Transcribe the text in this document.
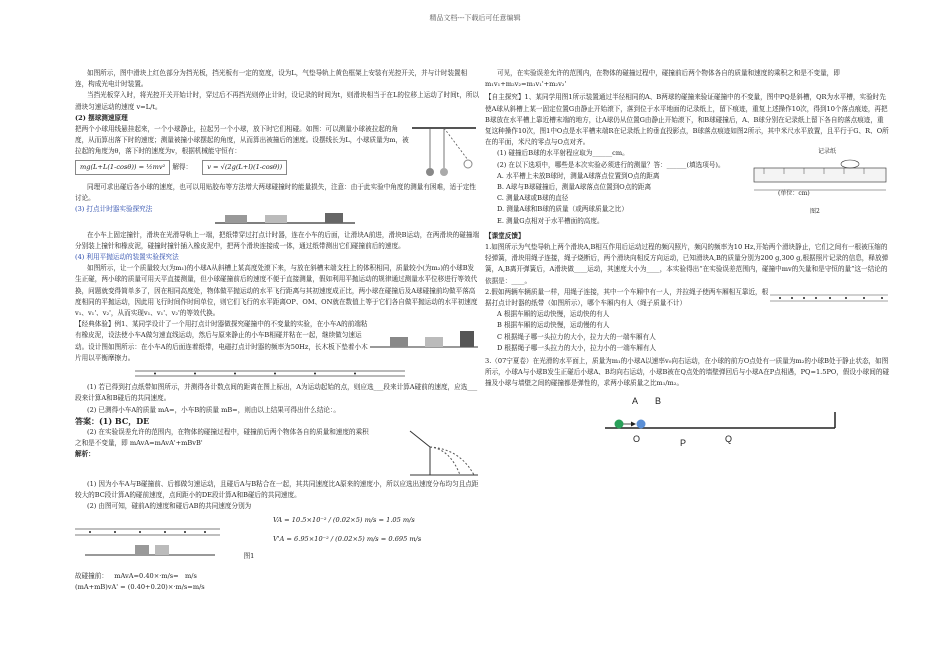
精品文档---下载后可任意编辑

如图所示，图中滑块上红色部分为挡光板，挡光板有一定的宽度，设为L，气垫导轨上黄色框架上安装有光控开关，并与计时装置相连，构成光电计时装置。

当挡光板穿入时，将光控开关开始计时，穿过后不再挡光则停止计时，设记录的时间为t，则滑块相当于在L的位移上运动了时间t，所以滑块匀速运动的速度 v=L/t。

(2) 摆球测速原理

把两个小球用线悬挂起来，一个小球静止，拉起另一个小球，放下时它们相碰。如图：可以测量小球被拉起的角度，从而算出落下时的速度；测量被撞小球摆起的角度，从而算出被撞后的速度。设摆线长为L，小球质量为m，被拉起的角度为θ，落下时的速度为v，根据机械能守恒有：

mg(L+L(1-cosθ)) = ½mv² 解得： v = √(2g(L+l)(1-cosθ))

同理可求出碰后各小球的速度，也可以用贴胶布等方法增大两球碰撞时的能量损失，注意：由于此实验中角度的测量有困难，适于定性讨论。

(3) 打点计时器实验探究法

在小车上固定撞针，滑块在光滑导轨上一端，把纸带穿过打点计时器，连在小车的后面，让滑块A前进，滑块B运动，在两滑块的碰撞端分别装上撞针和橡皮泥，碰撞时撞针插入橡皮泥中，把两个滑块连接成一体，通过纸带测出它们碰撞前后的速度。

(4) 利用平抛运动的装置实验探究法

如图所示，让一个质量较大(为m₁)的小球A从斜槽上某高度处滚下来，与放在斜槽末端支柱上的体积相同，质量较小(为m₂)的小球B发生正碰，两小球的质量可用天平直接测量，但小球碰撞前后的速度不便于直接测量，假如利用平抛运动的规律通过测量水平位移进行等效代换，问题就变得简单多了，因在相同高度处，物体做平抛运动的水平飞行距离与其初速度成正比，两小球在碰撞后及A球碰撞前均做平落高度相同的平抛运动，因此用飞行时间作时间单位，则它们飞行的水平距离OP、OM、ON就在数值上等于它们各自做平抛运动的水平初速度v₁、v₁'、v₂'，从而实现v₁、v₁'、v₂'的等效代换。

【经典体验】例1、某同学设计了一个用打点计时器做探究碰撞中的不变量的实验，在小车A的前端粘有橡皮泥，设法使小车A做匀速直线运动，然后与原来静止的小车B相碰并粘在一起，继续做匀速运动。设计图如图所示：在小车A的后面连着纸带，电磁打点计时器的频率为50Hz，长木板下垫着小木片用以平衡摩擦力。

(1) 若已得到打点纸带如图所示，并测得各计数点间的距离在图上标出，A为运动起始的点，则应选___段来计算A碰前的速度，应选___段来计算A和B碰后的共同速度。

(2) 已测得小车A的质量 mA=，小车B的质量 mB=，则由以上结果可得出什么结论：。

答案：(1) BC，DE

(2) 在实验误差允许的范围内，在物体的碰撞过程中，碰撞前后两个物体各自的质量和速度的乘积之和是不变量，即 mAvA=mAvA'+mBvB'

解析：

(1) 因为小车A与B碰撞前、后都做匀速运动，且碰后A与B粘合在一起，其共同速度比A原来的速度小，所以应选出速度分布均匀且点距较大的BC段计算A的碰前速度，点间距小的DE段计算A和B碰后的共同速度。

(2) 由图可知，碰前A的速度和碰后AB的共同速度分别为

图1

VA = 10.5×10⁻² / (0.02×5) m/s = 1.05 m/s

V'A = 6.95×10⁻² / (0.02×5) m/s = 0.695 m/s

故碰撞前： mAvA=0.40×·m/s= m/s

(mA+mB)vA' = (0.40+0.20)×·m/s=m/s

可见，在实验误差允许的范围内，在物体的碰撞过程中，碰撞前后两个物体各自的质量和速度的乘积之和是不变量，即 m₁v₁+m₂v₂=m₁v₁'+m₂v₂'

【自主探究】1、某同学用图1所示装置通过半径相同的A、B两球的碰撞来验证碰撞中的不变量，图中PQ是斜槽，QR为水平槽，实验时先使A球从斜槽上某一固定位置G由静止开始滚下，落到位于水平地面的记录纸上，留下痕迹，重复上述操作10次，得到10个落点痕迹，再把B球放在水平槽上靠近槽末端的地方，让A球仍从位置G由静止开始滚下，和B球碰撞后，A、B球分别在记录纸上留下各自的落点痕迹，重复这种操作10次，图1中O点是水平槽末端R在记录纸上的垂直投影点，B球落点痕迹如图2所示，其中米尺水平放置，且平行于G、R、O所在的平面，米尺的零点与O点对齐。

(1) 碰撞后B球的水平射程应取为______cm。

(2) 在以下选项中，哪些是本次实验必须进行的测量？答：______(填选项号)。

A. 水平槽上未放B球时，测量A球落点位置到O点的距离

B. A球与B球碰撞后，测量A球落点位置到O点的距离

C. 测量A球或B球的直径

D. 测量A球和B球的质量（或两球质量之比）

E. 测量G点相对于水平槽面的高度。

记录纸
(单位：cm)
图2

【课堂反馈】

1.如图所示为气垫导轨上两个滑块A,B相互作用后运动过程的频闪照片，频闪的频率为10 Hz,开始两个滑块静止，它们之间有一根被压缩的轻弹簧，滑块用绳子连接，绳子烧断后，两个滑块向相反方向运动，已知滑块A,B的质量分别为200 g,300 g,根据照片记录的信息，释放弹簧，A,B离开弹簧后，A滑块做____运动，其速度大小为____，本实验得出“在实验误差范围内，碰撞中mv的矢量和是守恒的量”这一结论的依据是：____。

2.假如两辆车辆质量一样，用绳子连接，其中一个车厢中有一人，并拉绳子使两车厢相互靠近，根据打点计时器的纸带（如图所示），哪个车厢内有人（绳子质量不计）

A 根据车厢的运动快慢，运动快的有人

B 根据车厢的运动快慢，运动慢的有人

C 根据绳子哪一头拉力的大小，拉力大的一端车厢有人

D 根据绳子哪一头拉力的大小，拉力小的一端车厢有人

3.（07宁夏卷）在光滑的水平面上，质量为m₁的小球A以速率v₀向右运动，在小球的前方O点处有一质量为m₂的小球B处于静止状态，如图所示，小球A与小球B发生正碰后小球A、B均向右运动，小球B被在Q点处的墙壁弹回后与小球A在P点相遇，PQ=1.5PO，假设小球间的碰撞及小球与墙壁之间的碰撞都是弹性的，求两小球质量之比m₁/m₂。

A B
O	P	Q
